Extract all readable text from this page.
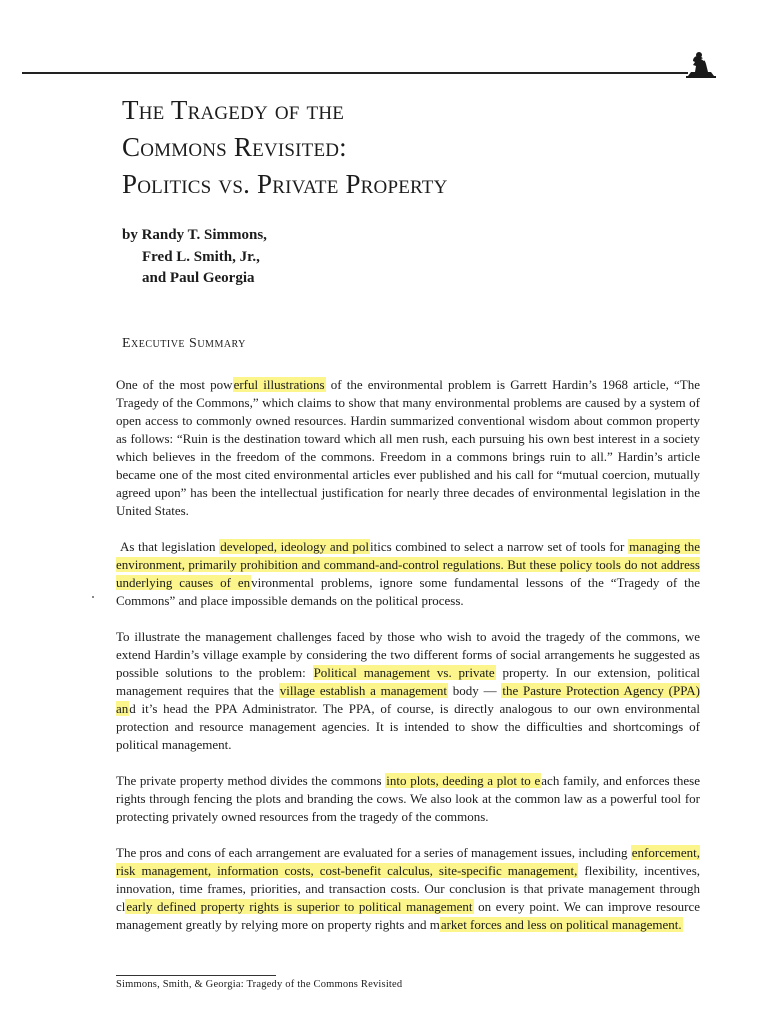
The Tragedy of the
Commons Revisited:
Politics vs. Private Property
by Randy T. Simmons,
Fred L. Smith, Jr.,
and Paul Georgia
Executive Summary

One of the most powerful illustrations of the environmental problem is Garrett Hardin’s 1968 article, “The Tragedy of the Commons,” which claims to show that many environmental problems are caused by a system of open access to commonly owned resources. Hardin summarized conventional wisdom about common property as follows: “Ruin is the destination toward which all men rush, each pursuing his own best interest in a society which believes in the freedom of the commons. Freedom in a commons brings ruin to all.” Hardin’s article became one of the most cited environmental articles ever published and his call for “mutual coercion, mutually agreed upon” has been the intellectual justification for nearly three decades of environmental legislation in the United States.

As that legislation developed, ideology and politics combined to select a narrow set of tools for managing the environment, primarily prohibition and command-and-control regulations. But these policy tools do not address underlying causes of environmental problems, ignore some fundamental lessons of the “Tragedy of the Commons” and place impossible demands on the political process.

To illustrate the management challenges faced by those who wish to avoid the tragedy of the commons, we extend Hardin’s village example by considering the two different forms of social arrangements he suggested as possible solutions to the problem: Political management vs. private property. In our extension, political management requires that the village establish a management body — the Pasture Protection Agency (PPA) and it’s head the PPA Administrator. The PPA, of course, is directly analogous to our own environmental protection and resource management agencies. It is intended to show the difficulties and shortcomings of political management.

The private property method divides the commons into plots, deeding a plot to each family, and enforces these rights through fencing the plots and branding the cows. We also look at the common law as a powerful tool for protecting privately owned resources from the tragedy of the commons.

The pros and cons of each arrangement are evaluated for a series of management issues, including enforcement, risk management, information costs, cost-benefit calculus, site-specific management, flexibility, incentives, innovation, time frames, priorities, and transaction costs. Our conclusion is that private management through clearly defined property rights is superior to political management on every point. We can improve resource management greatly by relying more on property rights and market forces and less on political management.

Simmons, Smith, & Georgia: Tragedy of the Commons Revisited
